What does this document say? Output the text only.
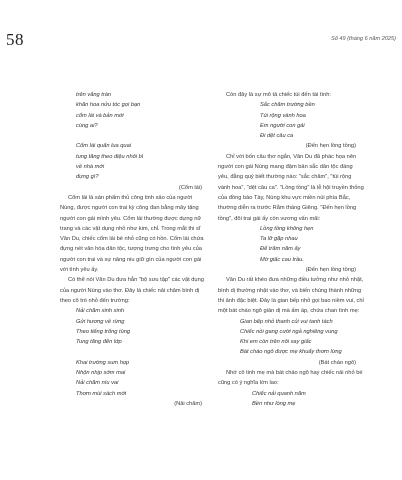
58	Số 49 (tháng 6 năm 2025)
trên vắng tràn
khăn hoa nửu tóc gọi bạn
cổm lái và bản mới
cùng ai?
Cổm lái quấn lua quai
tung tăng theo điệu nhôi bì
về nhà mới
đựng gì?
(Cổm lái)
Cổm lái là sản phẩm thủ công tinh xảo của người
Nùng, được người con trai kỳ công đan bằng mây tặng
người con gái mình yêu. Cổm lái thường được dựng nữ
trang và các vật dụng nhỏ như kim, chỉ. Trong mắt thi sĩ
Vân Du, chiếc cổm lái bé nhỏ cũng có hồn. Cổm lái chứa
đựng nét văn hóa dân tộc, tượng trưng cho tình yêu của
người con trai và sự nâng niu giữ gìn của người con gái
với tình yêu ấy.
Có thể nói Vân Du đưa hẳn "bộ sưu tập" các vật dụng
của người Nùng vào thơ. Đây là chiếc nải chăm bình dị
theo cô trò nhỏ đến trường:
Nải chăm xinh xinh
Gửi hương về rừng
Theo tiếng trống tùng
Tung tăng đến lớp
Khai trường sum họp
Nhộn nhịp sớm mai
Nải chăm níu vai
Thơm mùi sách mới
(Nải chăm)
Còn đây là sự mô tả chiếc túi đến tài tình:
Sắc chăm trường bền
Túi rộng vành hoa
Em người con gái
Đi dệt câu ca
(Đến hẹn lồng tồng)
Chỉ với bốn câu thơ ngắn, Vân Du đã phác họa nên
người con gái Nùng mang đậm bản sắc dân tộc đáng
yêu, đằng quý biết thường nào: "sắc chăm", "túi rộng
vành hoa", "dệt câu ca". "Lồng tồng" là lễ hội truyền thống
của đồng bào Tày, Nùng khu vực miền núi phía Bắc,
thường diễn ra trước Rằm tháng Giêng. "Đến hẹn lồng
tồng", đôi trai gái ấy còn vương vấn mãi:
Lồng tồng không hẹn
Ta lỡ gặp nhau
Để trăm năm ấy
Mờ giấc cau trầu.
(Đến hẹn lồng tồng)
Vân Du rất khéo đưa những điều tưởng như nhỏ nhặt,
bình dị thường nhật vào thơ, và biến chúng thành những
thi ảnh đặc biệt. Đây là gian bếp nhỏ gọi bao niềm vui, chỉ
một bát cháo ngô giản dị mà ấm áp, chứa chan tình mẹ:
Gian bếp nhỏ thanh củi vui tanh tách
Chiếc nồi gang cười ngả nghiêng vung
Khi em còn trên nôi say giấc
Bát cháo ngô được mẹ khuấy thơm lừng
(Bát cháo ngô)
Nhớ cô tinh mẹ mà bát cháo ngô hay chiếc nải nhỏ bé
cũng có ý nghĩa lớn lao:
Chiếc nải quanh năm
Bền như lòng mẹ
